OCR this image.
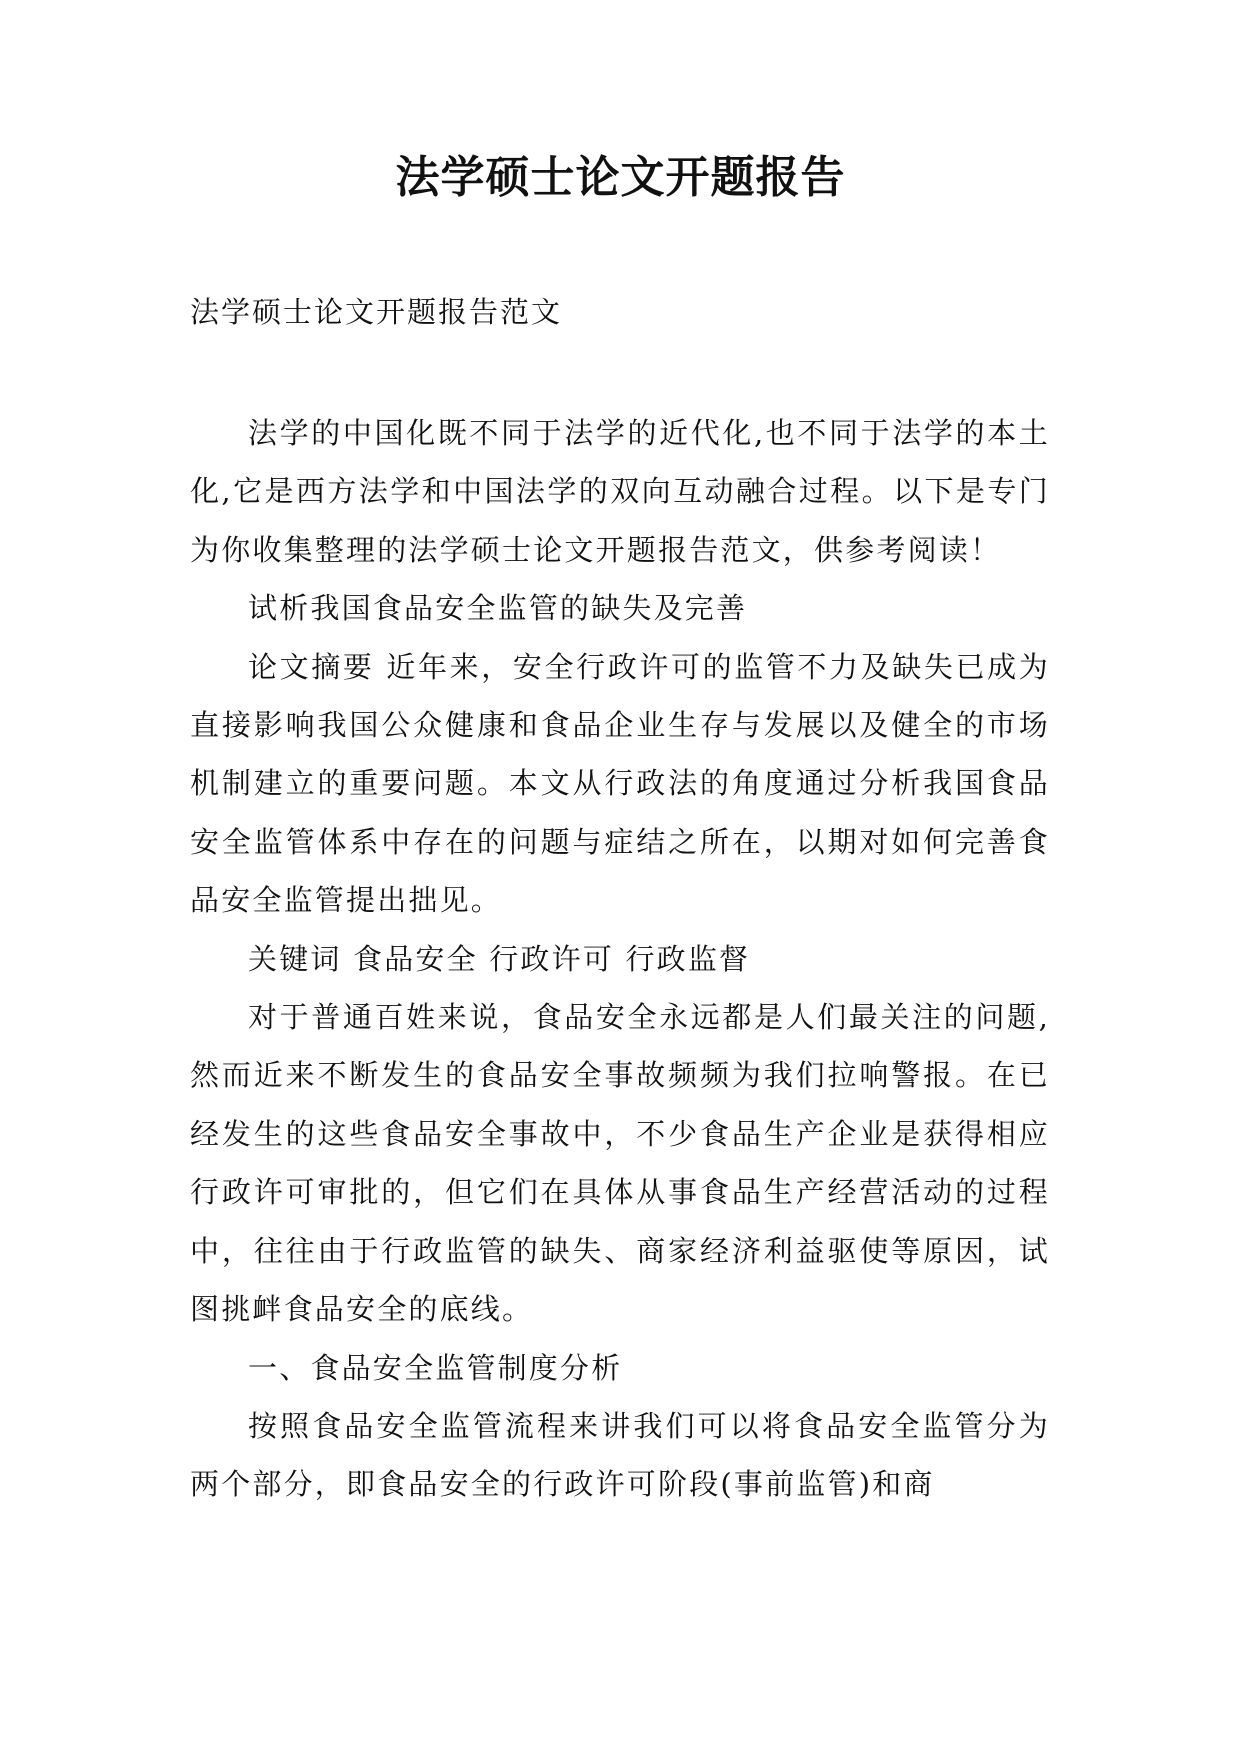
法学硕士论文开题报告

法学硕士论文开题报告范文

法学的中国化既不同于法学的近代化,也不同于法学的本土化,它是西方法学和中国法学的双向互动融合过程。以下是专门为你收集整理的法学硕士论文开题报告范文，供参考阅读！

试析我国食品安全监管的缺失及完善

论文摘要 近年来，安全行政许可的监管不力及缺失已成为直接影响我国公众健康和食品企业生存与发展以及健全的市场机制建立的重要问题。本文从行政法的角度通过分析我国食品安全监管体系中存在的问题与症结之所在，以期对如何完善食品安全监管提出拙见。

关键词 食品安全 行政许可 行政监督

对于普通百姓来说，食品安全永远都是人们最关注的问题,然而近来不断发生的食品安全事故频频为我们拉响警报。在已经发生的这些食品安全事故中，不少食品生产企业是获得相应行政许可审批的，但它们在具体从事食品生产经营活动的过程中，往往由于行政监管的缺失、商家经济利益驱使等原因，试图挑衅食品安全的底线。

一、食品安全监管制度分析

按照食品安全监管流程来讲我们可以将食品安全监管分为两个部分，即食品安全的行政许可阶段(事前监管)和商
